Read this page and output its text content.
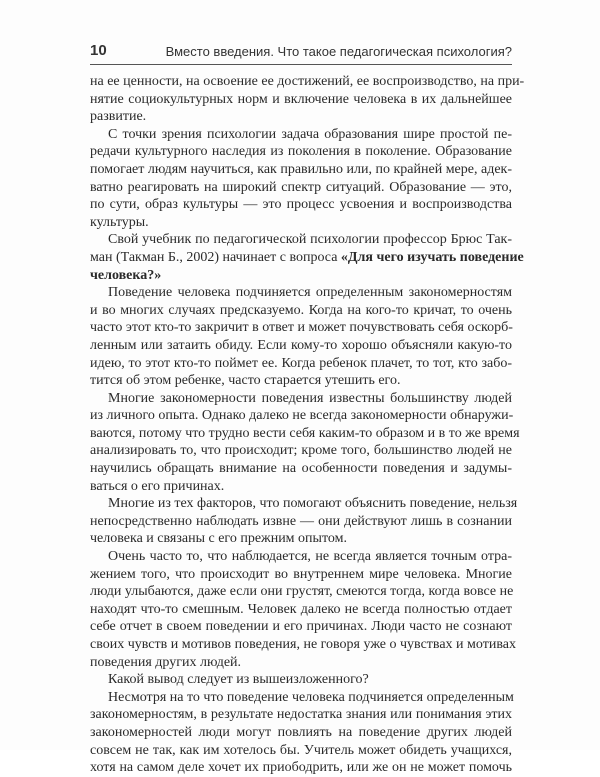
10	Вместо введения. Что такое педагогическая психология?
на ее ценности, на освоение ее достижений, ее воспроизводство, на при-
нятие социокультурных норм и включение человека в их дальнейшее
развитие.
С точки зрения психологии задача образования шире простой пе-
редачи культурного наследия из поколения в поколение. Образование
помогает людям научиться, как правильно или, по крайней мере, адек-
ватно реагировать на широкий спектр ситуаций. Образование — это,
по сути, образ культуры — это процесс усвоения и воспроизводства
культуры.
Свой учебник по педагогической психологии профессор Брюс Так-
ман (Такман Б., 2002) начинает с вопроса «Для чего изучать поведение
человека?»
Поведение человека подчиняется определенным закономерностям
и во многих случаях предсказуемо. Когда на кого-то кричат, то очень
часто этот кто-то закричит в ответ и может почувствовать себя оскорб-
ленным или затаить обиду. Если кому-то хорошо объясняли какую-то
идею, то этот кто-то поймет ее. Когда ребенок плачет, то тот, кто забо-
тится об этом ребенке, часто старается утешить его.
Многие закономерности поведения известны большинству людей
из личного опыта. Однако далеко не всегда закономерности обнаружи-
ваются, потому что трудно вести себя каким-то образом и в то же время
анализировать то, что происходит; кроме того, большинство людей не
научились обращать внимание на особенности поведения и задумы-
ваться о его причинах.
Многие из тех факторов, что помогают объяснить поведение, нельзя
непосредственно наблюдать извне — они действуют лишь в сознании
человека и связаны с его прежним опытом.
Очень часто то, что наблюдается, не всегда является точным отра-
жением того, что происходит во внутреннем мире человека. Многие
люди улыбаются, даже если они грустят, смеются тогда, когда вовсе не
находят что-то смешным. Человек далеко не всегда полностью отдает
себе отчет в своем поведении и его причинах. Люди часто не сознают
своих чувств и мотивов поведения, не говоря уже о чувствах и мотивах
поведения других людей.
Какой вывод следует из вышеизложенного?
Несмотря на то что поведение человека подчиняется определенным
закономерностям, в результате недостатка знания или понимания этих
закономерностей люди могут повлиять на поведение других людей
совсем не так, как им хотелось бы. Учитель может обидеть учащихся,
хотя на самом деле хочет их приободрить, или же он не может помочь
